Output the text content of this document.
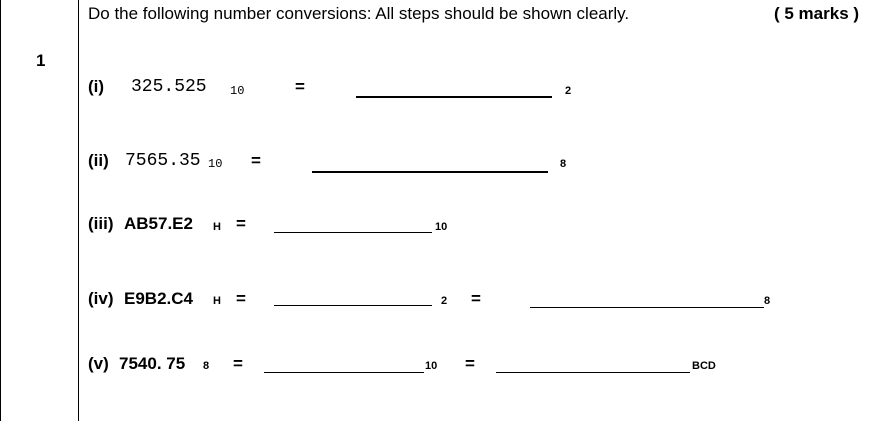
1
Do the following number conversions: All steps should be shown clearly.	( 5 marks )
(i) 325.525 10	=	2
(ii) 7565.35 10 =	8
(iii) AB57.E2 H =	10
(iv) E9B2.C4 H =	2 =	8
(v) 7540. 75 8 =	10 =	BCD
